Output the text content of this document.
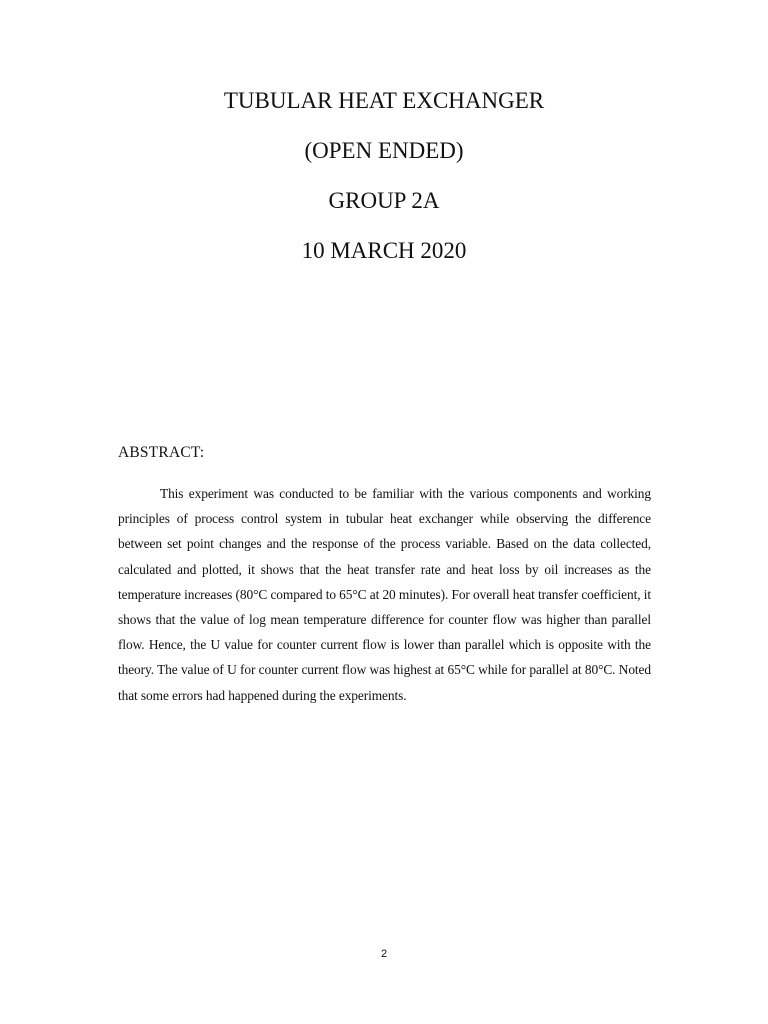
TUBULAR HEAT EXCHANGER

(OPEN ENDED)

GROUP 2A

10 MARCH 2020

ABSTRACT:

This experiment was conducted to be familiar with the various components and working principles of process control system in tubular heat exchanger while observing the difference between set point changes and the response of the process variable. Based on the data collected, calculated and plotted, it shows that the heat transfer rate and heat loss by oil increases as the temperature increases (80°C compared to 65°C at 20 minutes). For overall heat transfer coefficient, it shows that the value of log mean temperature difference for counter flow was higher than parallel flow. Hence, the U value for counter current flow is lower than parallel which is opposite with the theory. The value of U for counter current flow was highest at 65°C while for parallel at 80°C. Noted that some errors had happened during the experiments.

2
